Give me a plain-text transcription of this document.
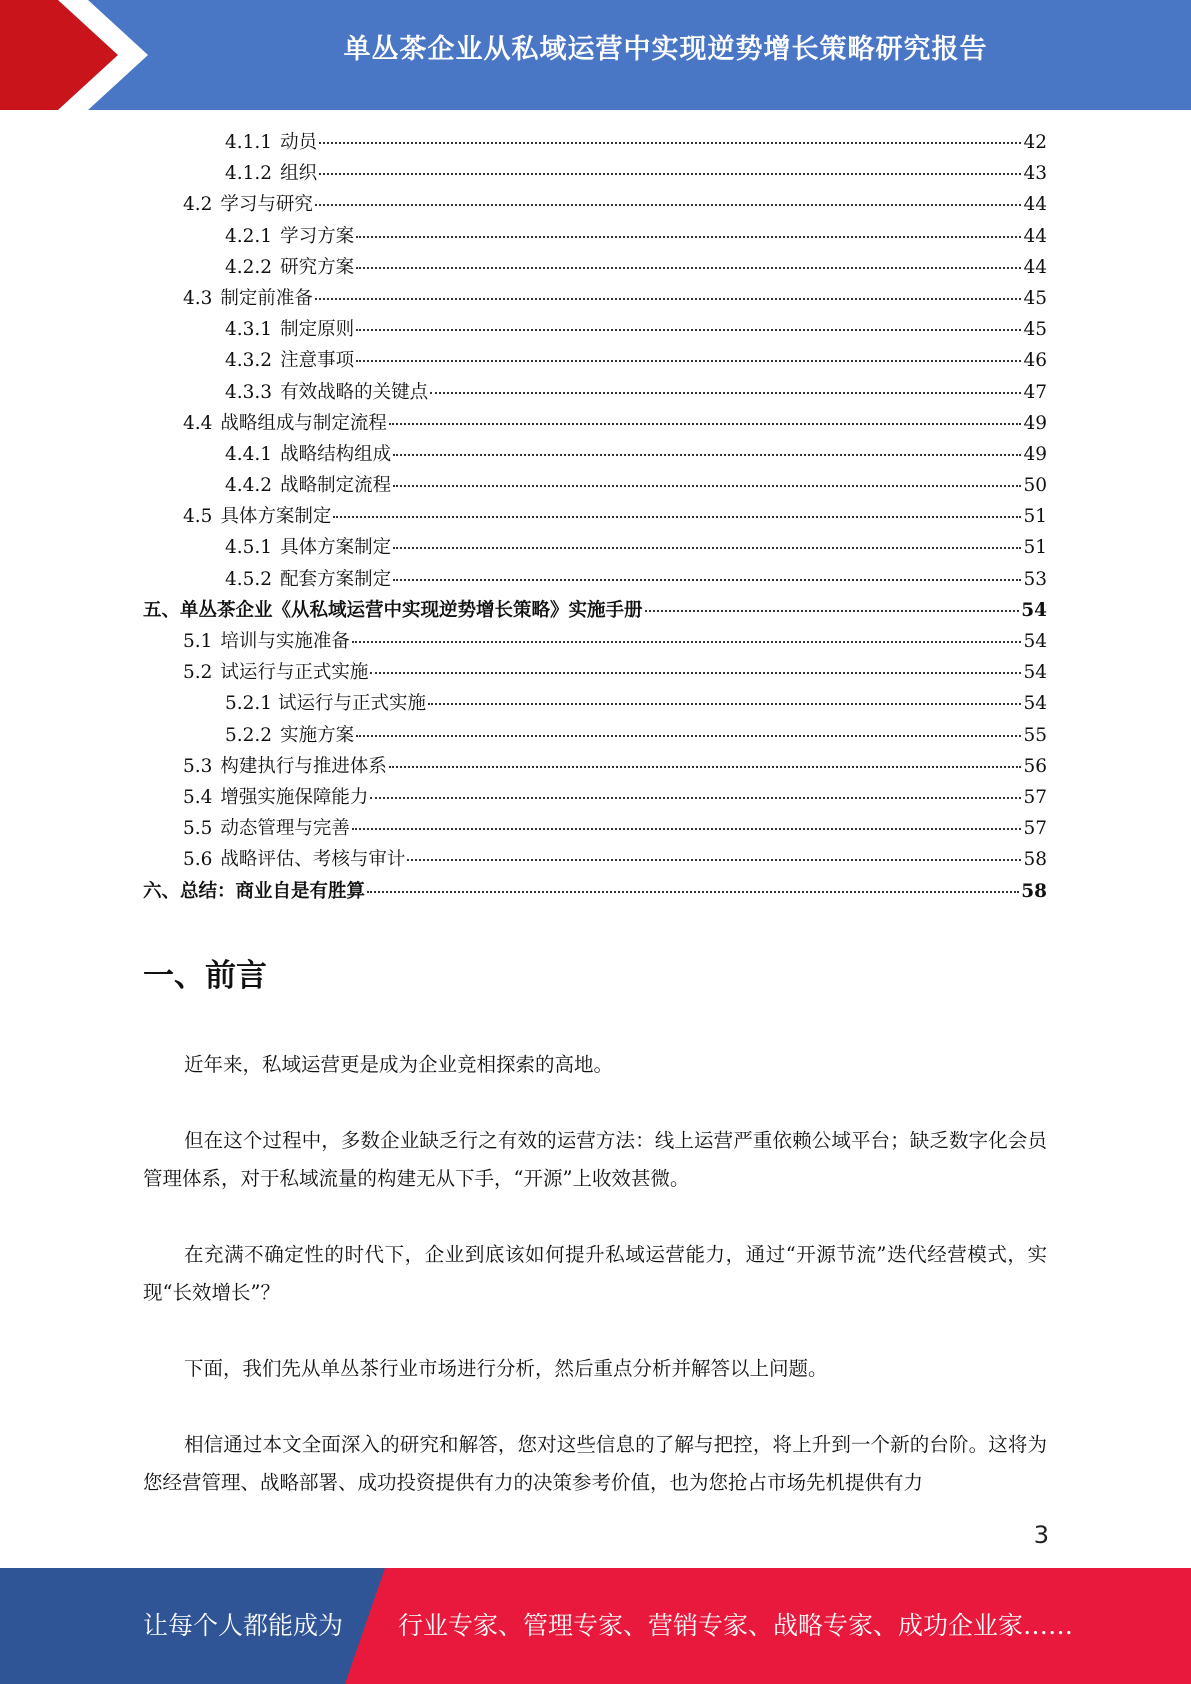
单丛茶企业从私域运营中实现逆势增长策略研究报告
4.1.1 动员	42
4.1.2 组织	43
4.2 学习与研究	44
4.2.1 学习方案	44
4.2.2 研究方案	44
4.3 制定前准备	45
4.3.1 制定原则	45
4.3.2 注意事项	46
4.3.3 有效战略的关键点	47
4.4 战略组成与制定流程	49
4.4.1 战略结构组成	49
4.4.2 战略制定流程	50
4.5 具体方案制定	51
4.5.1 具体方案制定	51
4.5.2 配套方案制定	53
五、单丛茶企业《从私域运营中实现逆势增长策略》实施手册	54
5.1 培训与实施准备	54
5.2 试运行与正式实施	54
5.2.1 试运行与正式实施	54
5.2.2 实施方案	55
5.3 构建执行与推进体系	56
5.4 增强实施保障能力	57
5.5 动态管理与完善	57
5.6 战略评估、考核与审计	58
六、总结：商业自是有胜算	58
一、前言

近年来，私域运营更是成为企业竞相探索的高地。

但在这个过程中，多数企业缺乏行之有效的运营方法：线上运营严重依赖公域平台；缺乏数字化会员管理体系，对于私域流量的构建无从下手，“开源”上收效甚微。

在充满不确定性的时代下，企业到底该如何提升私域运营能力，通过“开源节流”迭代经营模式，实现“长效增长”？

下面，我们先从单丛茶行业市场进行分析，然后重点分析并解答以上问题。

相信通过本文全面深入的研究和解答，您对这些信息的了解与把控，将上升到一个新的台阶。这将为您经营管理、战略部署、成功投资提供有力的决策参考价值，也为您抢占市场先机提供有力

3
让每个人都能成为 行业专家、管理专家、营销专家、战略专家、成功企业家……
